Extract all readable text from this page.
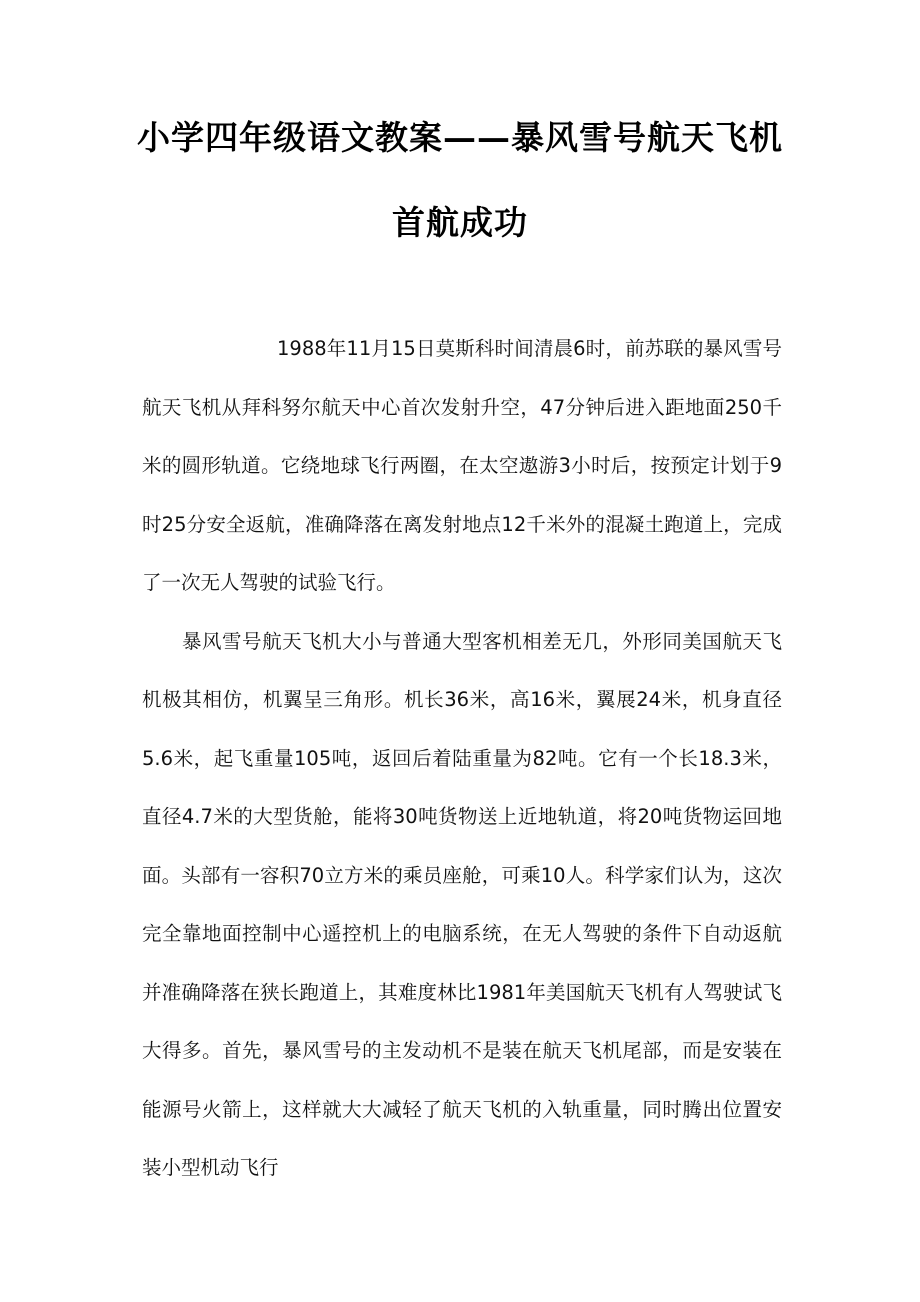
小学四年级语文教案——暴风雪号航天飞机
首航成功

1988年11月15日莫斯科时间清晨6时，前苏联的暴风雪号航天飞机从拜科努尔航天中心首次发射升空，47分钟后进入距地面250千米的圆形轨道。它绕地球飞行两圈，在太空遨游3小时后，按预定计划于9时25分安全返航，准确降落在离发射地点12千米外的混凝土跑道上，完成了一次无人驾驶的试验飞行。

暴风雪号航天飞机大小与普通大型客机相差无几，外形同美国航天飞机极其相仿，机翼呈三角形。机长36米，高16米，翼展24米，机身直径5.6米，起飞重量105吨，返回后着陆重量为82吨。它有一个长18.3米，直径4.7米的大型货舱，能将30吨货物送上近地轨道，将20吨货物运回地面。头部有一容积70立方米的乘员座舱，可乘10人。科学家们认为，这次完全靠地面控制中心遥控机上的电脑系统，在无人驾驶的条件下自动返航并准确降落在狭长跑道上，其难度林比1981年美国航天飞机有人驾驶试飞大得多。首先，暴风雪号的主发动机不是装在航天飞机尾部，而是安装在能源号火箭上，这样就大大减轻了航天飞机的入轨重量，同时腾出位置安装小型机动飞行
